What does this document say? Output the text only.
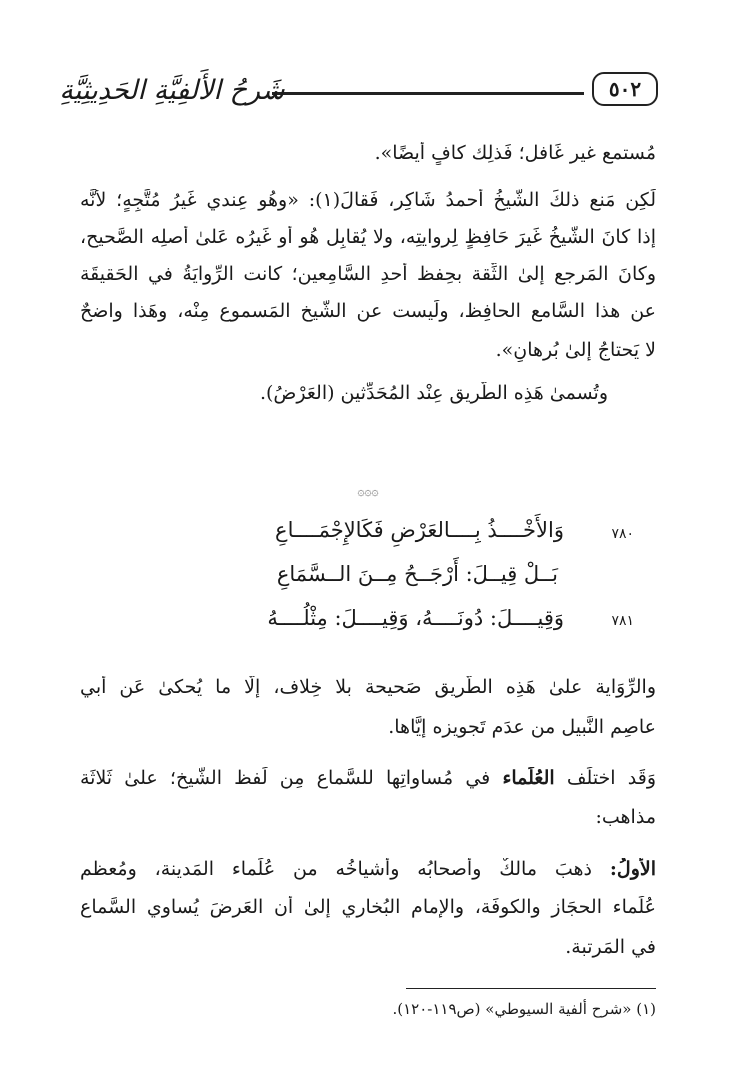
٥٠٢
شَرحُ الأَلفِيَّةِ الحَدِيثِيَّةِ
مُستمع غير غَافل؛ فَذلِك كافٍ أيضًا».
لَكِن مَنع ذلكَ الشَّيخُ أَحمدُ شَاكِر، فَقالَ(١): «وهُو عِندي غَيرُ مُتَّجِهٍ؛ لأَنَّه
إذا كانَ الشَّيخُ غَيرَ حَافِظٍ لِروايتِه، ولا يُقابِل هُو أو غَيرُه عَلىٰ أَصلِه الصَّحيح،
وكانَ المَرجع إلىٰ الثِّقة بحِفظ أحدِ السَّامِعين؛ كانت الرِّوايَةُ في الحَقيقَة
عن هذا السَّامع الحافِظ، ولَيست عن الشَّيخ المَسموع مِنْه، وهَذا واضحٌ
لا يَحتاجُ إلىٰ بُرهانٍ».
وتُسمىٰ هَذِه الطَّريق عِنْد المُحَدِّثين (العَرْضُ).
۞۞۞
٧٨٠
وَالأَخْــــذُ بِــــالعَرْضِ فَكَالإِجْمَــــاعِ
بَــلْ قِيــلَ: أَرْجَــحُ مِــنَ الــسَّمَاعِ
٧٨١
وَقِيــــلَ: دُونَــــهُ، وَقِيــــلَ: مِثْلُــــهُ
والرِّوَاية علىٰ هَذِه الطَّريق صَحيحة بلا خِلاف، إلَّا ما يُحكىٰ عَن أبي
عاصِم النَّبيل من عدَم تَجويزه إيَّاها.
وَقَد اختلَف العُلَماء في مُساواتِها للسَّماع مِن لَفظ الشَّيخ؛ علىٰ ثَلاثَة
مذاهب:
الأَولُ: ذهبَ مالكٌ وأَصحابُه وأشياخُه من عُلَماء المَدينة، ومُعظم
عُلَماء الحجَاز والكوفَة، والإمام البُخاري إلىٰ أن العَرضَ يُساوي السَّماع
في المَرتبة.
(١) «شرح ألفية السيوطي» (ص١١٩-١٢٠).
